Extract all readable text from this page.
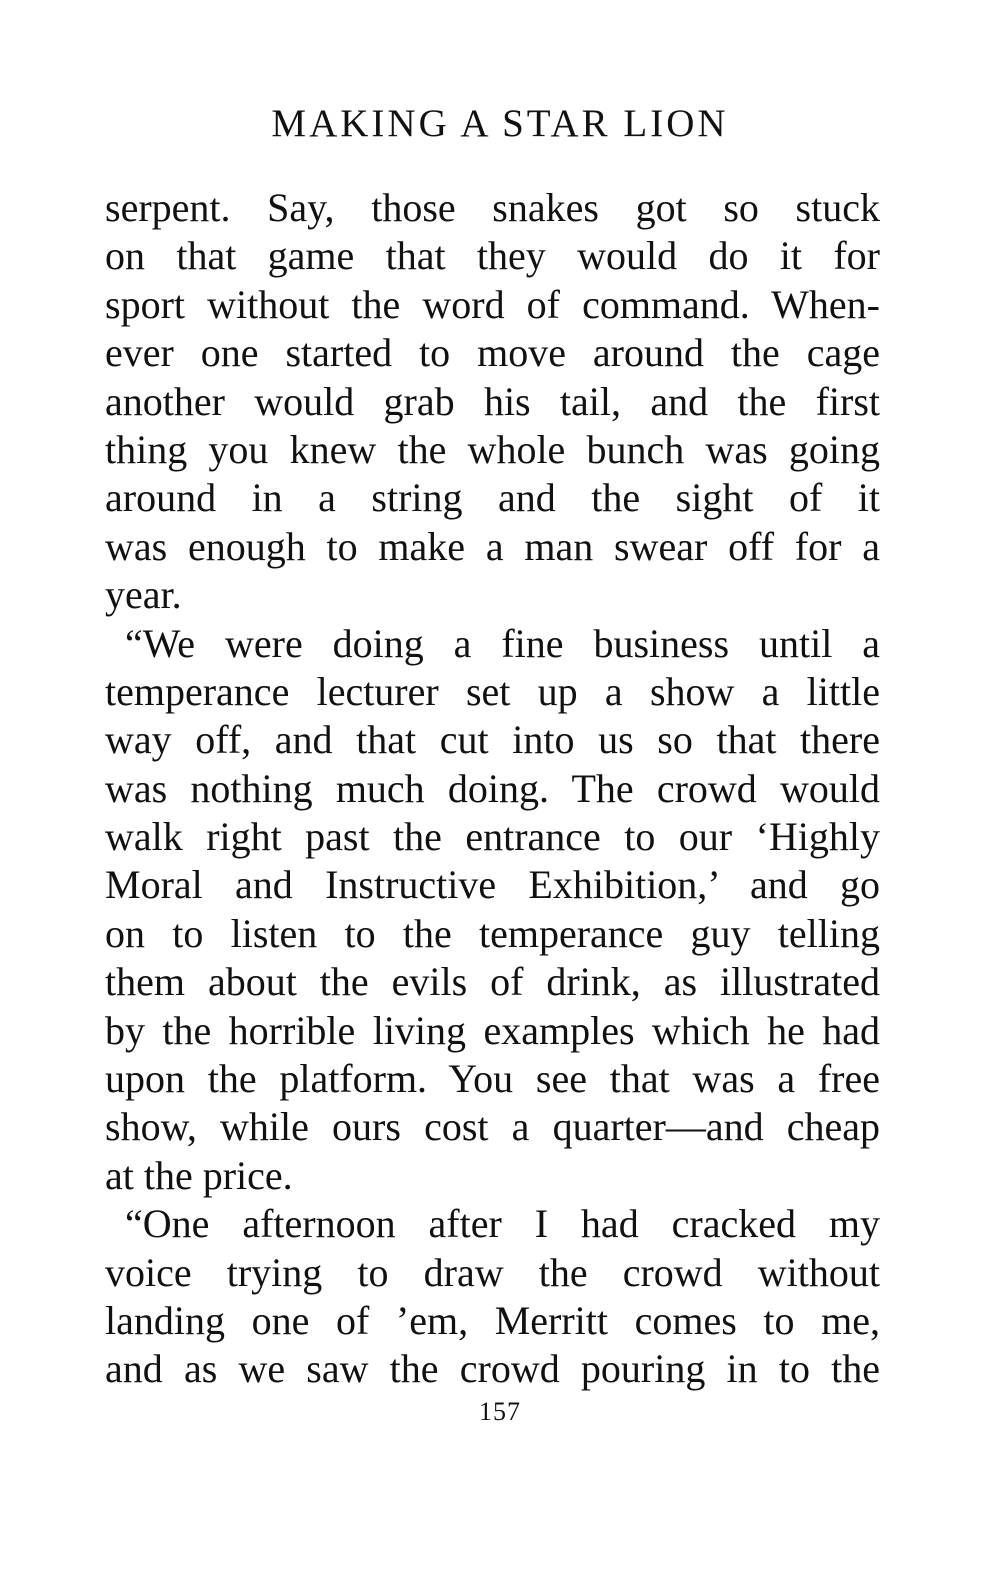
MAKING A STAR LION
serpent. Say, those snakes got so stuck
on that game that they would do it for
sport without the word of command. When-
ever one started to move around the cage
another would grab his tail, and the first
thing you knew the whole bunch was going
around in a string and the sight of it
was enough to make a man swear off for a
year.
“We were doing a fine business until a
temperance lecturer set up a show a little
way off, and that cut into us so that there
was nothing much doing. The crowd would
walk right past the entrance to our ‘Highly
Moral and Instructive Exhibition,’ and go
on to listen to the temperance guy telling
them about the evils of drink, as illustrated
by the horrible living examples which he had
upon the platform. You see that was a free
show, while ours cost a quarter—and cheap
at the price.
“One afternoon after I had cracked my
voice trying to draw the crowd without
landing one of ’em, Merritt comes to me,
and as we saw the crowd pouring in to the
157
